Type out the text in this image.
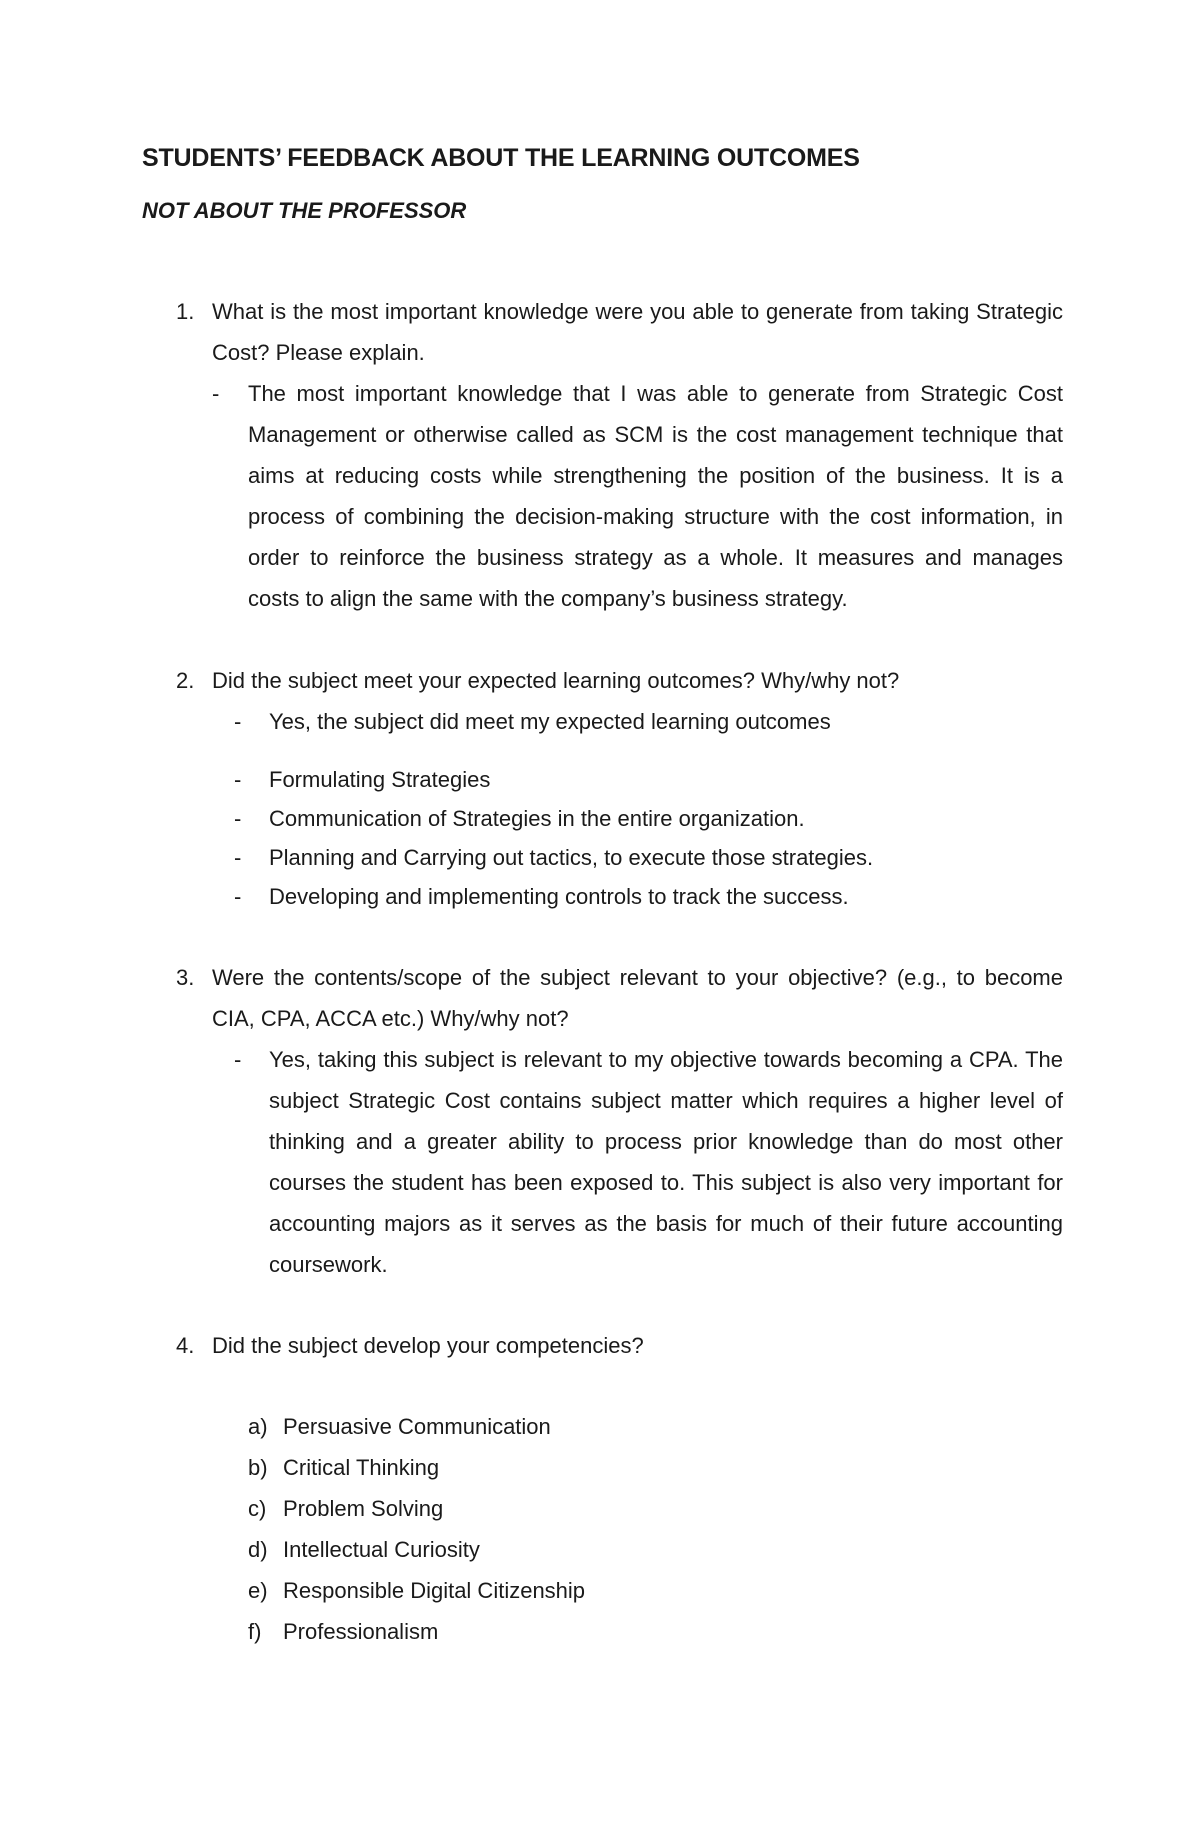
STUDENTS’ FEEDBACK ABOUT THE LEARNING OUTCOMES
NOT ABOUT THE PROFESSOR
1. What is the most important knowledge were you able to generate from taking Strategic Cost? Please explain.
- The most important knowledge that I was able to generate from Strategic Cost Management or otherwise called as SCM is the cost management technique that aims at reducing costs while strengthening the position of the business. It is a process of combining the decision-making structure with the cost information, in order to reinforce the business strategy as a whole. It measures and manages costs to align the same with the company’s business strategy.
2. Did the subject meet your expected learning outcomes? Why/why not?
- Yes, the subject did meet my expected learning outcomes
- Formulating Strategies
- Communication of Strategies in the entire organization.
- Planning and Carrying out tactics, to execute those strategies.
- Developing and implementing controls to track the success.
3. Were the contents/scope of the subject relevant to your objective? (e.g., to become CIA, CPA, ACCA etc.) Why/why not?
- Yes, taking this subject is relevant to my objective towards becoming a CPA. The subject Strategic Cost contains subject matter which requires a higher level of thinking and a greater ability to process prior knowledge than do most other courses the student has been exposed to. This subject is also very important for accounting majors as it serves as the basis for much of their future accounting coursework.
4. Did the subject develop your competencies?
a) Persuasive Communication
b) Critical Thinking
c) Problem Solving
d) Intellectual Curiosity
e) Responsible Digital Citizenship
f) Professionalism
